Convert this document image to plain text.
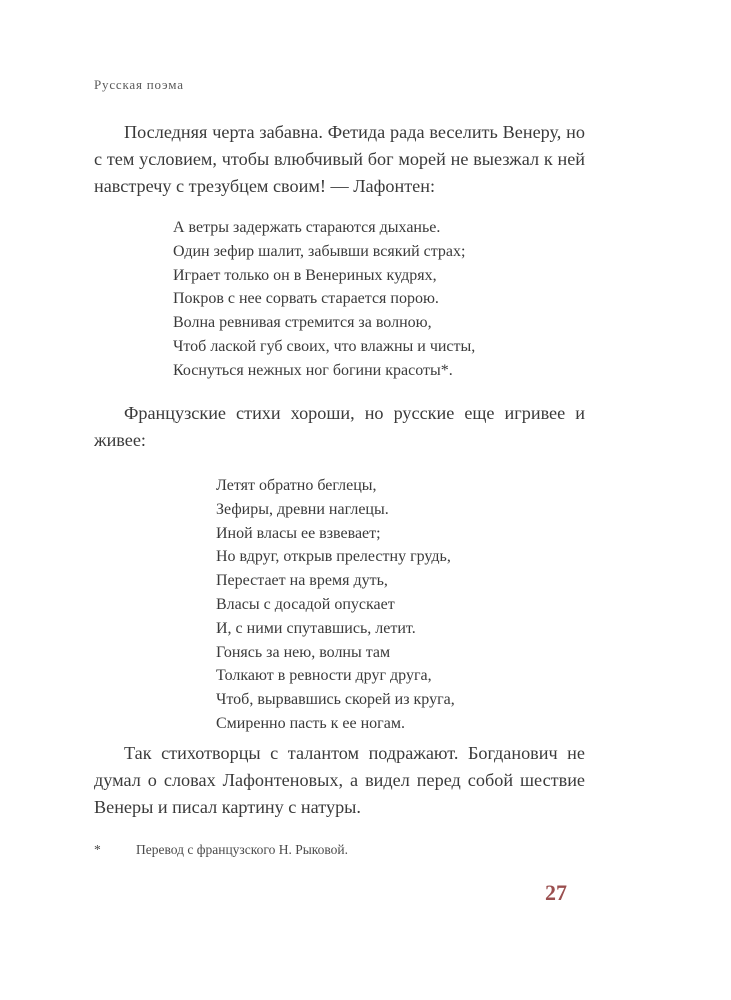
Русская поэма

Последняя черта забавна. Фетида рада веселить Венеру, но с тем условием, чтобы влюбчивый бог морей не выезжал к ней навстречу с трезубцем своим! — Лафонтен:

А ветры задержать стараются дыханье.
Один зефир шалит, забывши всякий страх;
Играет только он в Венериных кудрях,
Покров с нее сорвать старается порою.
Волна ревнивая стремится за волною,
Чтоб лаской губ своих, что влажны и чисты,
Коснуться нежных ног богини красоты*.

Французские стихи хороши, но русские еще игривее и живее:

Летят обратно беглецы,
Зефиры, древни наглецы.
Иной власы ее взвевает;
Но вдруг, открыв прелестну грудь,
Перестает на время дуть,
Власы с досадой опускает
И, с ними спутавшись, летит.
Гонясь за нею, волны там
Толкают в ревности друг друга,
Чтоб, вырвавшись скорей из круга,
Смиренно пасть к ее ногам.

Так стихотворцы с талантом подражают. Богданович не думал о словах Лафонтеновых, а видел перед собой шествие Венеры и писал картину с натуры.

*	Перевод с французского Н. Рыковой.
27
